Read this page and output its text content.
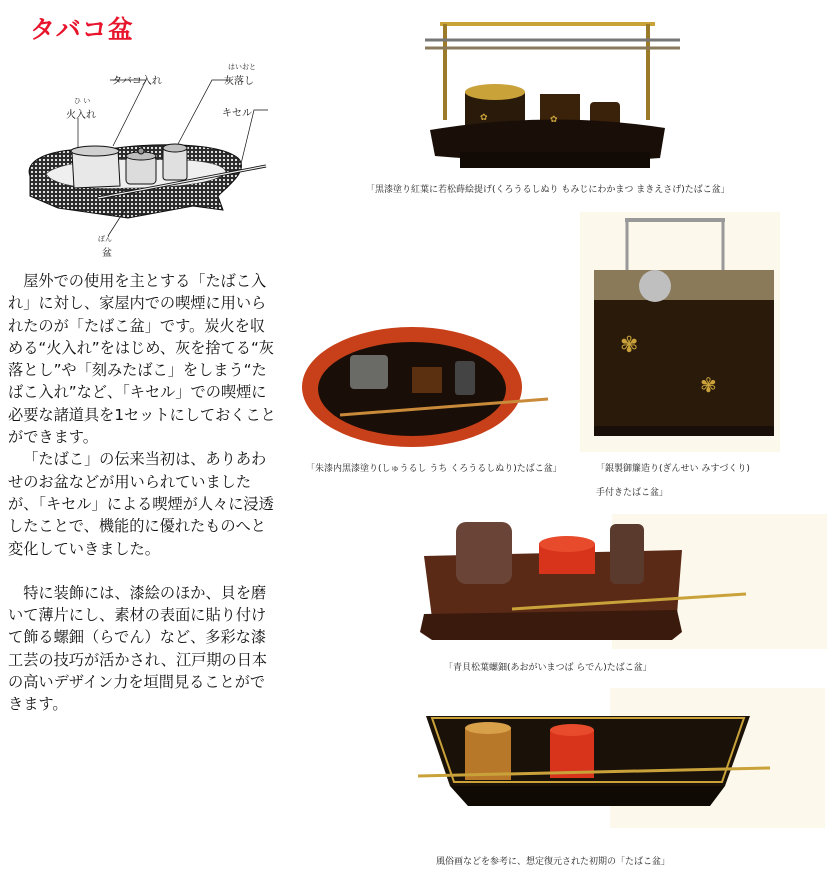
タバコ盆
タバコ入れ
はいおと
灰落し
ひ い
火入れ	キセル
ぼん
盆

屋外での使用を主とする「たばこ入れ」に対し、家屋内での喫煙に用いられたのが「たばこ盆」です。炭火を収める“火入れ”をはじめ、灰を捨てる“灰落とし”や「刻みたばこ」をしまう“たばこ入れ”など、「キセル」での喫煙に必要な諸道具を1セットにしておくことができます。

「たばこ」の伝来当初は、ありあわせのお盆などが用いられていましたが、「キセル」による喫煙が人々に浸透したことで、機能的に優れたものへと変化していきました。

特に装飾には、漆絵のほか、貝を磨いて薄片にし、素材の表面に貼り付けて飾る螺鈿（らでん）など、多彩な漆工芸の技巧が活かされ、江戸期の日本の高いデザイン力を垣間見ることができます。

✿	✿
「黒漆塗り紅葉に若松蒔絵提げ(くろうるしぬり もみじにわかまつ まきえさげ)たばこ盆」
「朱漆内黒漆塗り(しゅうるし うち くろうるしぬり)たばこ盆」
✾
✾
「銀製御簾造り(ぎんせい みすづくり)
手付きたばこ盆」
「青貝松葉螺鈿(あおがいまつば らでん)たばこ盆」
風俗画などを参考に、想定復元された初期の「たばこ盆」
